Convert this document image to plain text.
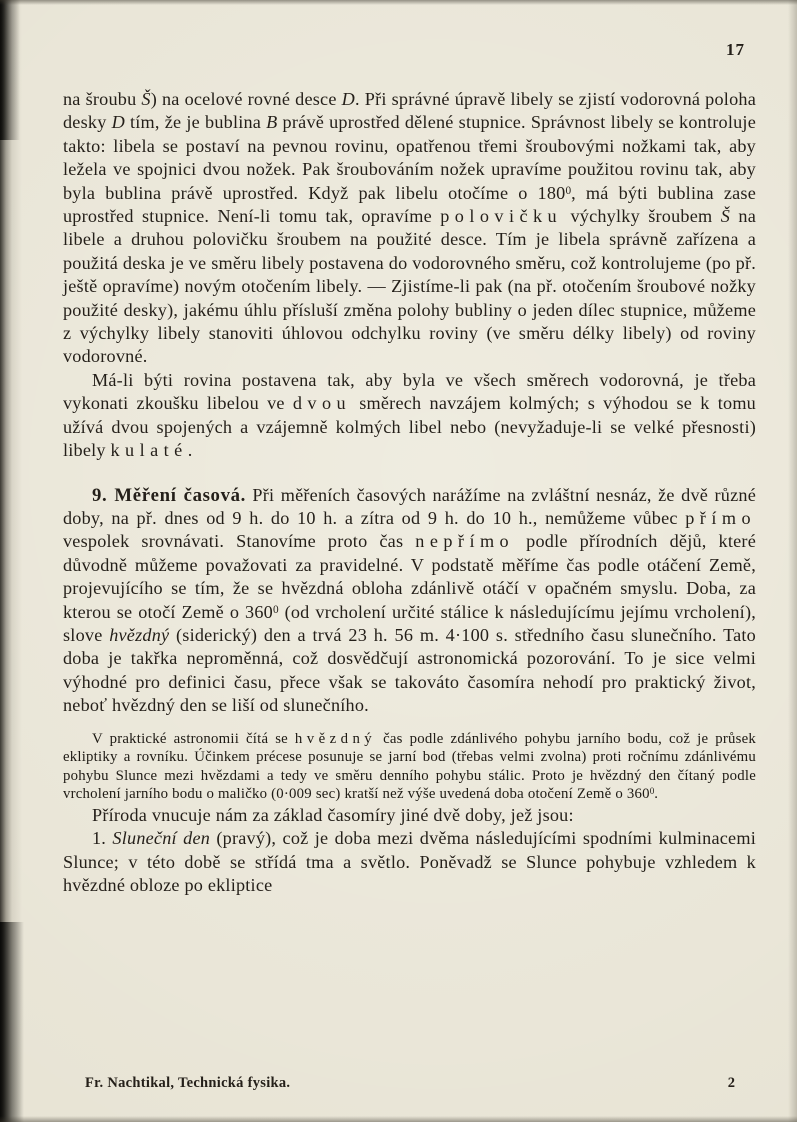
17

na šroubu Š) na ocelové rovné desce D. Při správné úpravě libely se zjistí vodorovná poloha desky D tím, že je bublina B právě uprostřed dělené stupnice. Správnost libely se kontroluje takto: libela se postaví na pevnou rovinu, opatřenou třemi šroubovými nožkami tak, aby ležela ve spojnici dvou nožek. Pak šroubováním nožek upravíme použitou rovinu tak, aby byla bublina právě uprostřed. Když pak libelu otočíme o $180^0$, má býti bublina zase uprostřed stupnice. Není-li tomu tak, opravíme polovičku výchylky šroubem Š na libele a druhou polovičku šroubem na použité desce. Tím je libela správně zařízena a použitá deska je ve směru libely postavena do vodorovného směru, což kontrolujeme (po př. ještě opravíme) novým otočením libely. — Zjistíme-li pak (na př. otočením šroubové nožky použité desky), jakému úhlu přísluší změna polohy bubliny o jeden dílec stupnice, můžeme z výchylky libely stanoviti úhlovou odchylku roviny (ve směru délky libely) od roviny vodorovné.

Má-li býti rovina postavena tak, aby byla ve všech směrech vodorovná, je třeba vykonati zkoušku libelou ve dvou směrech navzájem kolmých; s výhodou se k tomu užívá dvou spojených a vzájemně kolmých libel nebo (nevyžaduje-li se velké přesnosti) libely kulaté.

9. Měření časová. Při měřeních časových narážíme na zvláštní nesnáz, že dvě různé doby, na př. dnes od 9 h. do 10 h. a zítra od 9 h. do 10 h., nemůžeme vůbec přímo vespolek srovnávati. Stanovíme proto čas nepřímo podle přírodních dějů, které důvodně můžeme považovati za pravidelné. V podstatě měříme čas podle otáčení Země, projevujícího se tím, že se hvězdná obloha zdánlivě otáčí v opačném smyslu. Doba, za kterou se otočí Země o $360^0$ (od vrcholení určité stálice k následujícímu jejímu vrcholení), slove hvězdný (siderický) den a trvá 23 h. 56 m. 4·100 s. středního času slunečního. Tato doba je takřka neproměnná, což dosvědčují astronomická pozorování. To je sice velmi výhodné pro definici času, přece však se takováto časomíra nehodí pro praktický život, neboť hvězdný den se liší od slunečního.

V praktické astronomii čítá se hvězdný čas podle zdánlivého pohybu jarního bodu, což je průsek ekliptiky a rovníku. Účinkem précese posunuje se jarní bod (třebas velmi zvolna) proti ročnímu zdánlivému pohybu Slunce mezi hvězdami a tedy ve směru denního pohybu stálic. Proto je hvězdný den čítaný podle vrcholení jarního bodu o maličko (0·009 sec) kratší než výše uvedená doba otočení Země o $360^0$.

Příroda vnucuje nám za základ časomíry jiné dvě doby, jež jsou:

1. Sluneční den (pravý), což je doba mezi dvěma následujícími spodními kulminacemi Slunce; v této době se střídá tma a světlo. Poněvadž se Slunce pohybuje vzhledem k hvězdné obloze po ekliptice

Fr. Nachtikal, Technická fysika.	2
